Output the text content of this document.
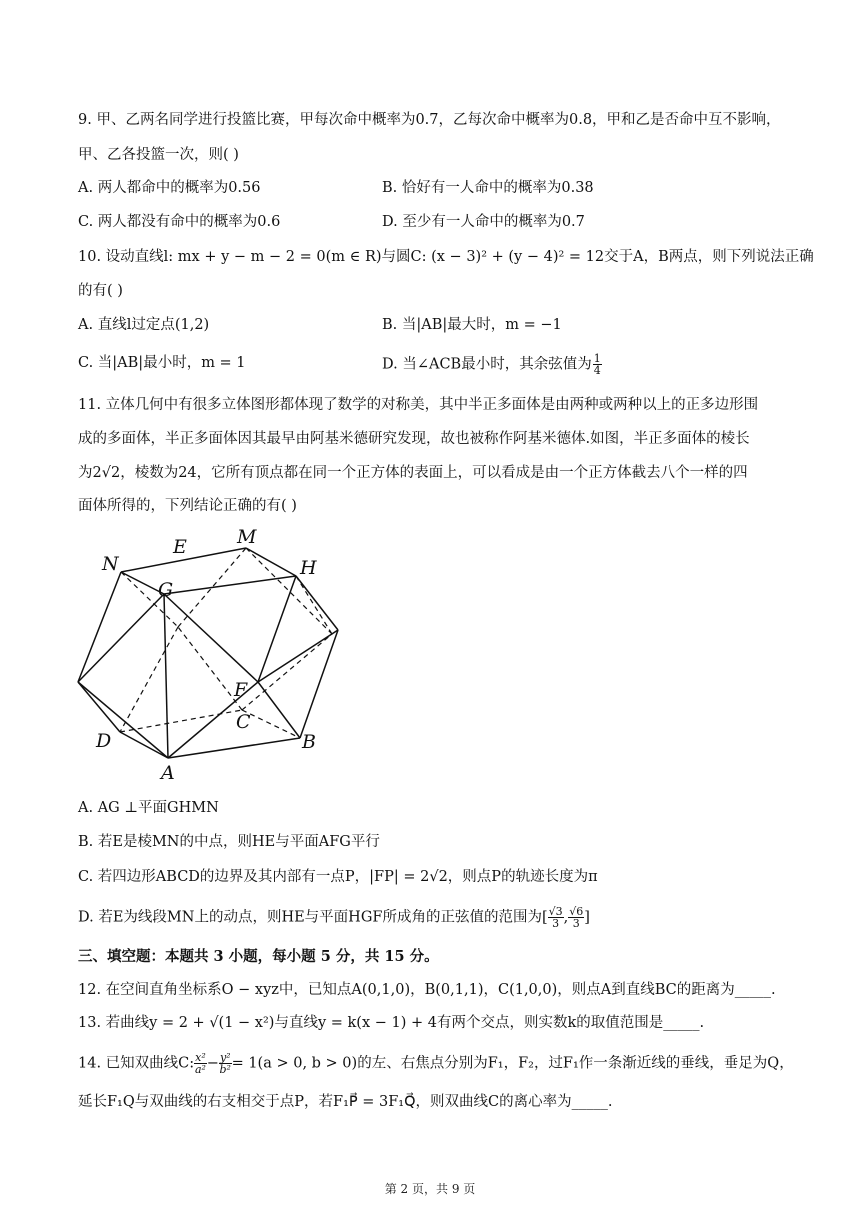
9. 甲、乙两名同学进行投篮比赛，甲每次命中概率为0.7，乙每次命中概率为0.8，甲和乙是否命中互不影响，
甲、乙各投篮一次，则( )
A. 两人都命中的概率为0.56	B. 恰好有一人命中的概率为0.38
C. 两人都没有命中的概率为0.6	D. 至少有一人命中的概率为0.7
10. 设动直线l: mx + y − m − 2 = 0(m ∈ R)与圆C: (x − 3)² + (y − 4)² = 12交于A，B两点，则下列说法正确
的有( )
A. 直线l过定点(1,2)	B. 当|AB|最大时，m = −1
C. 当|AB|最小时，m = 1	D. 当∠ACB最小时，其余弦值为 $\frac{1}{4}$
11. 立体几何中有很多立体图形都体现了数学的对称美，其中半正多面体是由两种或两种以上的正多边形围
成的多面体，半正多面体因其最早由阿基米德研究发现，故也被称作阿基米德体.如图，半正多面体的棱长
为2√2，棱数为24，它所有顶点都在同一个正方体的表面上，可以看成是由一个正方体截去八个一样的四
面体所得的，下列结论正确的有( )
N
E	M
H
G
F
C
D	B
A
A. AG ⊥平面GHMN
B. 若E是棱MN的中点，则HE与平面AFG平行
C. 若四边形ABCD的边界及其内部有一点P，|FP| = 2√2，则点P的轨迹长度为π
D. 若E为线段MN上的动点，则HE与平面HGF所成角的正弦值的范围为[ $\frac{√3}{3}$ , $\frac{√6}{3}$ ]
三、填空题：本题共 3 小题，每小题 5 分，共 15 分。
12. 在空间直角坐标系O − xyz中，已知点A(0,1,0)，B(0,1,1)，C(1,0,0)，则点A到直线BC的距离为_____.
13. 若曲线y = 2 + √(1 − x²)与直线y = k(x − 1) + 4有两个交点，则实数k的取值范围是_____.
14. 已知双曲线C: $\frac{\text{x²}}{\text{a²}} - \frac{\text{y²}}{\text{b²}} = 1(a > 0$, b > 0)的左、右焦点分别为F₁，F₂，过F₁作一条渐近线的垂线，垂足为Q，
延长F₁Q与双曲线的右支相交于点P，若F₁P⃗ = 3F₁Q⃗，则双曲线C的离心率为_____.
第 2 页，共 9 页
